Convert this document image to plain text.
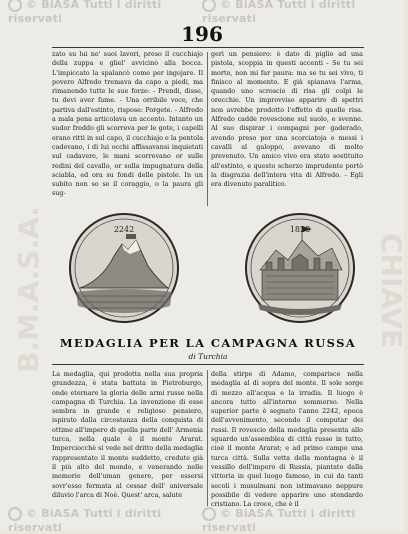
© BiASA Tutti i diritti riservati
© BiASA Tutti i diritti riservati
B.M.A.S.A.	CHIAVE
196
zato su lui ne' suoi lavori, preso il cucchiajo della zuppa e gliel' avvicinò alla bocca. L'impiccato la spalancò come per ingojare. Il povero Alfredo tremava da capo a piedi, ma rimanendo tutte le sue forze: - Prendi, disse, tu devi aver fame. - Una orribile voce, che partiva dall'estinto, rispose: Porgete. - Alfredo a mala pena articolava un accento. Intanto un sudor freddo gli scorreva per le gote, i capelli erano ritti in sul capo, il cucchiajo e la pentola cadevano, i di lui occhi affissavansi inquietati sul cadavere, le mani scorrevano or sulle redini del cavallo, or sulla impugnatura della sciabla, ed ora su fondi delle pistole. In un subito non so se il coraggio, o la paura gli sug-
gerì un pensiero: è dato di piglio ad una pistola, scoppia in questi accenti - Se tu sei morto, non mi far paura: ma se tu sei vivo, ti finisco al momento. E già spianava l'arma, quando uno scroscio di risa gli colpì le orecchie. Un improvviso apparire di spettri non avrebbe prodotto l'effetto di quelle risa. Alfredo cadde rovescione sul suolo, e svenne. Al suo dispirar i compagni per gaderado, avendo preso per una scorciatoja e messi i cavalli al galoppo, avevano di molto prevenuto. Un amico vivo era stato sostituito all'estinto, e questo scherzo imprudente portò la disgrazia dell'intera vita di Alfredo. - Egli era divenuto paralitico.
2242	1828
MEDAGLIA PER LA CAMPAGNA RUSSA
di Turchia
La medaglia, qui prodotta nella sua propria grandezza, è stata battuta in Pietroburgo, onde eternare la gloria delle armi russe nella campagna di Turchia. La invenzione di esse sembra in grande e religioso pensiero, ispirato dalla circostanza della conquista di ottime all'impero di quella parte dell' Armenia turca, nella quale è il monte Ararat. Imperciocchè si vede nel dritto della medaglia rappresentato il monte suddetto, credute già il più alto del mondo, e venerando nelle memorie dell'uman genere, per essersi sovr'esso fermata al cessar dell' universale diluvio l'arca di Noè. Quest' arca, salute
della stirpe di Adamo, comparisce nella medaglia al di sopra del monte. Il sole sorge di mezzo all'acqua e la irradia. Il luogo è ancora tutto all'intorno sommerso. Nella superior parte è segnato l'anno 2242, epoca dell'avvenimento, secondo il computar dei russi. Il rovescio della medaglia presenta allo sguardo un'assemblea di città russe in tutto, cioè il monte Ararat; e ad primo campo una turca città. Sulla vetta della montagna è il vessillo dell'impero di Russia, piantato dalla vittoria in quel luogo famoso, in cui da tanti secoli i musulmani non istimavano neppure possibile di vedere apparire uno stendardo cristiano. La croce, che è il
© BiASA Tutti i diritti riservati
© BiASA Tutti i diritti riservati
